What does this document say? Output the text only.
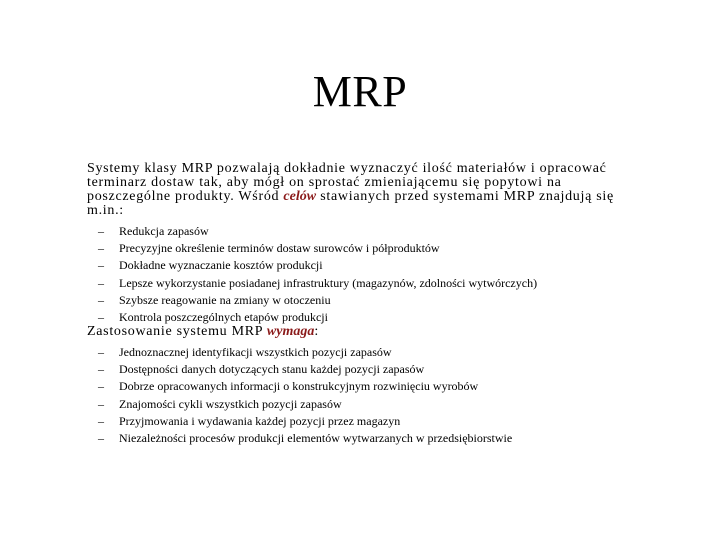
MRP

Systemy klasy MRP pozwalają dokładnie wyznaczyć ilość materiałów i opracować terminarz dostaw tak, aby mógł on sprostać zmieniającemu się popytowi na poszczególne produkty. Wśród celów stawianych przed systemami MRP znajdują się m.in.:

– Redukcja zapasów
– Precyzyjne określenie terminów dostaw surowców i półproduktów
– Dokładne wyznaczanie kosztów produkcji
– Lepsze wykorzystanie posiadanej infrastruktury (magazynów, zdolności wytwórczych)
– Szybsze reagowanie na zmiany w otoczeniu
– Kontrola poszczególnych etapów produkcji

Zastosowanie systemu MRP wymaga:

– Jednoznacznej identyfikacji wszystkich pozycji zapasów
– Dostępności danych dotyczących stanu każdej pozycji zapasów
– Dobrze opracowanych informacji o konstrukcyjnym rozwinięciu wyrobów
– Znajomości cykli wszystkich pozycji zapasów
– Przyjmowania i wydawania każdej pozycji przez magazyn
– Niezależności procesów produkcji elementów wytwarzanych w przedsiębiorstwie
